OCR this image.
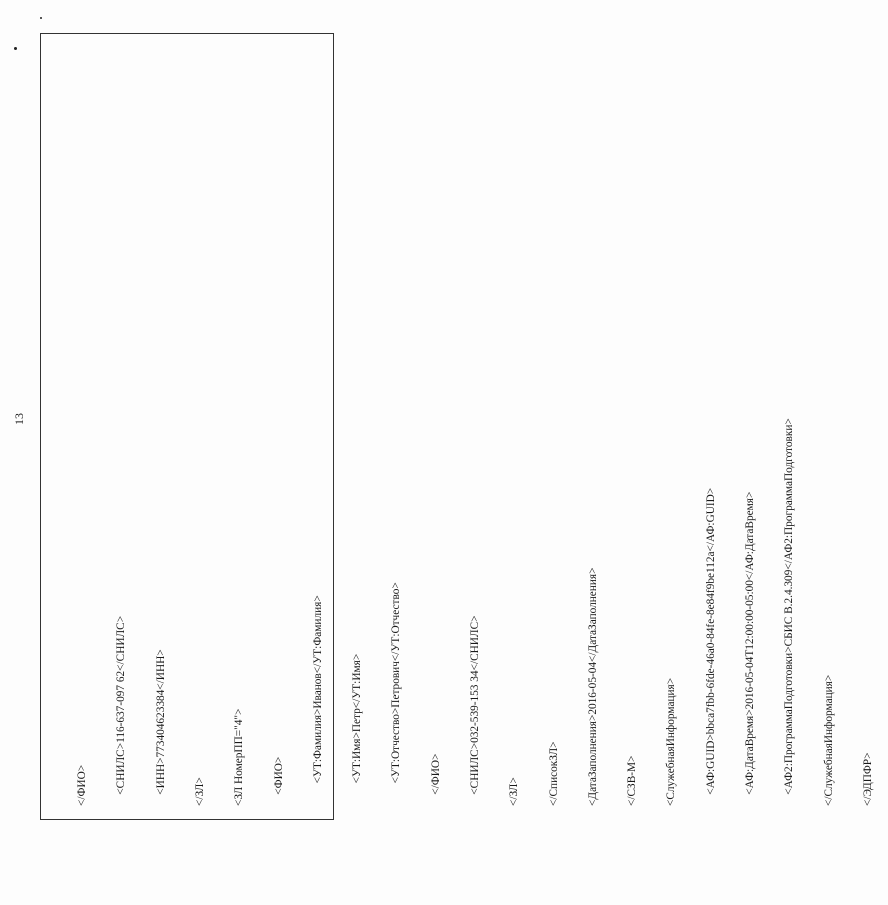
13

</ФИО>

<СНИЛС>116-637-097 62</СНИЛС>

<ИНН>773404623384</ИНН>

</ЗЛ>

<ЗЛ НомерПП="4">

<ФИО>

<УТ:Фамилия>Иванов</УТ:Фамилия>

<УТ:Имя>Петр</УТ:Имя>

<УТ:Отчество>Петрович</УТ:Отчество>

</ФИО>

<СНИЛС>032-539-153 34</СНИЛС>

</ЗЛ>

</СписокЗЛ>

<ДатаЗаполнения>2016-05-04</ДатаЗаполнения>

</СЗВ-М>

<СлужебнаяИнформация>

<АФ:GUID>bbca7fbb-6fde-46a0-84fe-8e84f9be112a</АФ:GUID>

<АФ:ДатаВремя>2016-05-04T12:00:00-05:00</АФ:ДатаВремя>

<АФ2:ПрограммаПодготовки>СБИС В.2.4.309</АФ2:ПрограммаПодготовки>

</СлужебнаяИнформация>

</ЭДПФР>
